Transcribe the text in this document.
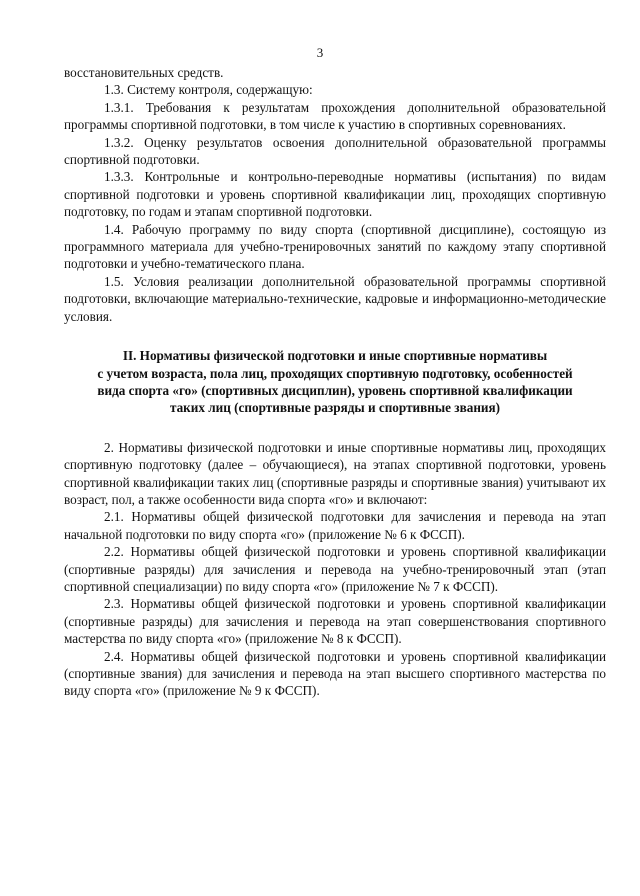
3

восстановительных средств.

1.3. Систему контроля, содержащую:

1.3.1. Требования к результатам прохождения дополнительной образовательной программы спортивной подготовки, в том числе к участию в спортивных соревнованиях.

1.3.2. Оценку результатов освоения дополнительной образовательной программы спортивной подготовки.

1.3.3. Контрольные и контрольно-переводные нормативы (испытания) по видам спортивной подготовки и уровень спортивной квалификации лиц, проходящих спортивную подготовку, по годам и этапам спортивной подготовки.

1.4. Рабочую программу по виду спорта (спортивной дисциплине), состоящую из программного материала для учебно-тренировочных занятий по каждому этапу спортивной подготовки и учебно-тематического плана.

1.5. Условия реализации дополнительной образовательной программы спортивной подготовки, включающие материально-технические, кадровые и информационно-методические условия.

II. Нормативы физической подготовки и иные спортивные нормативы
с учетом возраста, пола лиц, проходящих спортивную подготовку, особенностей
вида спорта «го» (спортивных дисциплин), уровень спортивной квалификации
таких лиц (спортивные разряды и спортивные звания)

2. Нормативы физической подготовки и иные спортивные нормативы лиц, проходящих спортивную подготовку (далее – обучающиеся), на этапах спортивной подготовки, уровень спортивной квалификации таких лиц (спортивные разряды и спортивные звания) учитывают их возраст, пол, а также особенности вида спорта «го» и включают:

2.1. Нормативы общей физической подготовки для зачисления и перевода на этап начальной подготовки по виду спорта «го» (приложение № 6 к ФССП).

2.2. Нормативы общей физической подготовки и уровень спортивной квалификации (спортивные разряды) для зачисления и перевода на учебно-тренировочный этап (этап спортивной специализации) по виду спорта «го» (приложение № 7 к ФССП).

2.3. Нормативы общей физической подготовки и уровень спортивной квалификации (спортивные разряды) для зачисления и перевода на этап совершенствования спортивного мастерства по виду спорта «го» (приложение № 8 к ФССП).

2.4. Нормативы общей физической подготовки и уровень спортивной квалификации (спортивные звания) для зачисления и перевода на этап высшего спортивного мастерства по виду спорта «го» (приложение № 9 к ФССП).
